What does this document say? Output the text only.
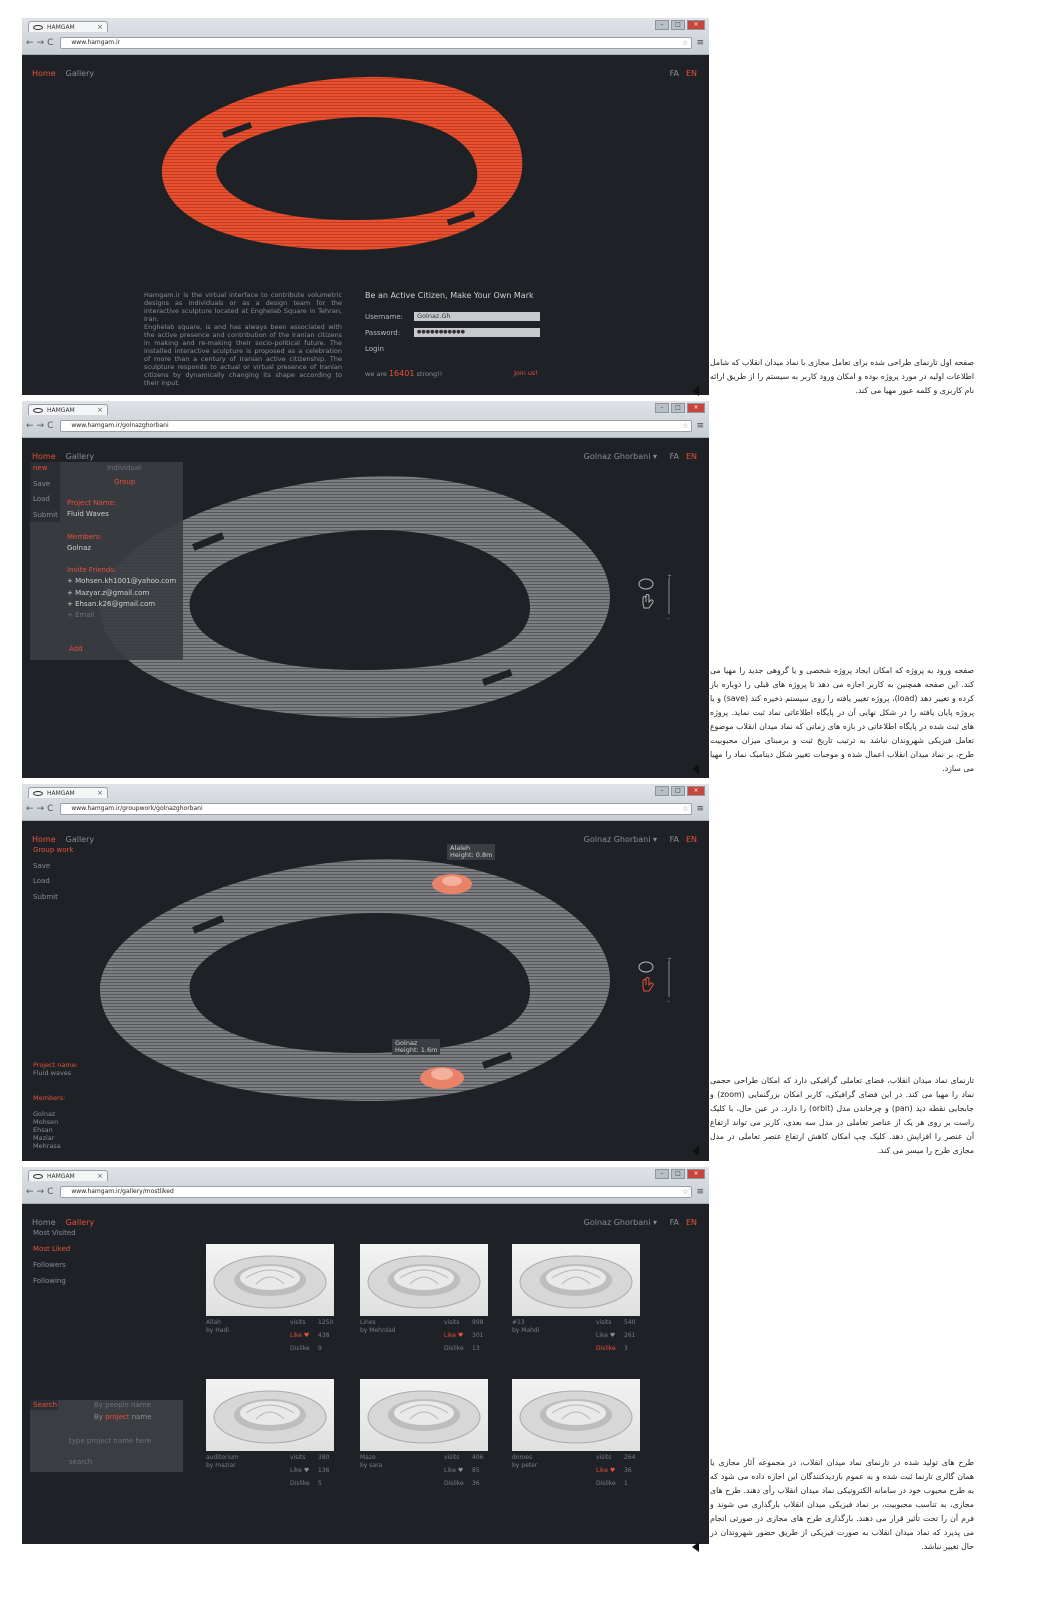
HAMGAM	×	–	□	×
←→C	www.hamgam.ir	☆ ≡
Home Gallery	FA EN
Hamgam.ir is the virtual interface to contribute volumetric designs as individuals or as a design team for the interactive sculpture located at Enghelab Square in Tehran, Iran.
Enghelab square, is and has always been associated with the active presence and contribution of the Iranian citizens in making and re-making their socio-political future. The installed interactive sculpture is proposed as a celebration of more than a century of Iranian active citizenship. The sculpture responds to actual or virtual presence of Iranian citizens by dynamically changing its shape according to their input.
Be an Active Citizen, Make Your Own Mark
Username:	Golnaz.Gh
Password:	●●●●●●●●●●●
Login
we are 16401 strong!!	Join us!
صفحه اول تارنمای طراحی شده برای تعامل مجازی با نماد میدان انقلاب که شامل اطلاعات اولیه در مورد پروژه بوده و امکان ورود کاربر به سیستم را از طریق ارائه نام کاربری و کلمه عبور مهیا می کند.
HAMGAM	×	–	□	×
←→C	www.hamgam.ir/golnazghorbani	☆ ≡
Home Gallery	Golnaz Ghorbani ▾	FA EN
new
Save
Load
Submit
Individual
Group
Project Name:
Fluid Waves
Members:
Golnaz
Invite Friends:
+ Mohsen.kh1001@yahoo.com
+ Mazyar.z@gmail.com
+ Ehsan.k26@gmail.com
+ Email
Add
+
–
صفحه ورود به پروژه که امکان ایجاد پروژه شخصی و یا گروهی جدید را مهیا می کند. این صفحه همچنین به کاربر اجازه می دهد تا پروژه های قبلی را دوباره باز کرده و تغییر دهد (load)، پروژه تغییر یافته را روی سیستم ذخیره کند (save) و یا پروژه پایان یافته را در شکل نهایی آن در پایگاه اطلاعاتی نماد ثبت نماید. پروژه های ثبت شده در پایگاه اطلاعاتی در بازه های زمانی که نماد میدان انقلاب موضوع تعامل فیزیکی شهروندان نباشد به ترتیب تاریخ ثبت و برمبنای میزان محبوبیت طرح، بر نماد میدان انقلاب اعمال شده و موجبات تغییر شکل دینامیک نماد را مهیا می سازد.
HAMGAM	×	–	□	×
←→C	www.hamgam.ir/groupwork/golnazghorbani	☆ ≡
Home Gallery	Golnaz Ghorbani ▾	FA EN
Alaleh
Height: 0.8m
Golnaz
Height: 1.6m
Group work
Save
Load
Submit
Project name:
Fluid waves
Members:
Golnaz
Mohsen
Ehsan
Maziar
Mehrasa
+
–
تارنمای نماد میدان انقلاب، فضای تعاملی گرافیکی دارد که امکان طراحی حجمی نماد را مهیا می کند. در این فضای گرافیکی، کاربر امکان بزرگنمایی (zoom) و جابجایی نقطه دید (pan) و چرخاندن مدل (orbit) را دارد. در عین حال، با کلیک راست بر روی هر یک از عناصر تعاملی در مدل سه بعدی، کاربر می تواند ارتفاع آن عنصر را افزایش دهد. کلیک چپ امکان کاهش ارتفاع عنصر تعاملی در مدل مجازی طرح را میسر می کند.
HAMGAM	×	–	□	×
←→C	www.hamgam.ir/gallery/mostliked	☆ ≡
Home Gallery	Golnaz Ghorbani ▾	FA EN
Most Visited
Most Liked
Followers
Following
Search	By people name
By project name
type project name here
search
Allah
by Hadi
visits 1250
Like ♥ 438
Dislike 9
Lines
by Mehrdad
visits 998
Like ♥ 301
Dislike 13
#13
by Mahdi
visits 540
Like ♥ 261
Dislike 3
auditorium
by maziar
visits 380
Like ♥ 136
Dislike 5
Maze
by sara
visits 406
Like ♥ 85
Dislike 36
domes
by peter
visits 264
Like ♥ 36
Dislike 1
طرح های تولید شده در تارنمای نماد میدان انقلاب، در مجموعه آثار مجازی یا همان گالری تارنما ثبت شده و به عموم بازدیدکنندگان این اجازه داده می شود که به طرح محبوب خود در سامانه الکترونیکی نماد میدان انقلاب رأی دهند. طرح های مجازی، به تناسب محبوبیت، بر نماد فیزیکی میدان انقلاب بارگذاری می شوند و فرم آن را تحت تأثیر قرار می دهند. بارگذاری طرح های مجازی در صورتی انجام می پذیرد که نماد میدان انقلاب به صورت فیزیکی از طریق حضور شهروندان در حال تغییر نباشد.
